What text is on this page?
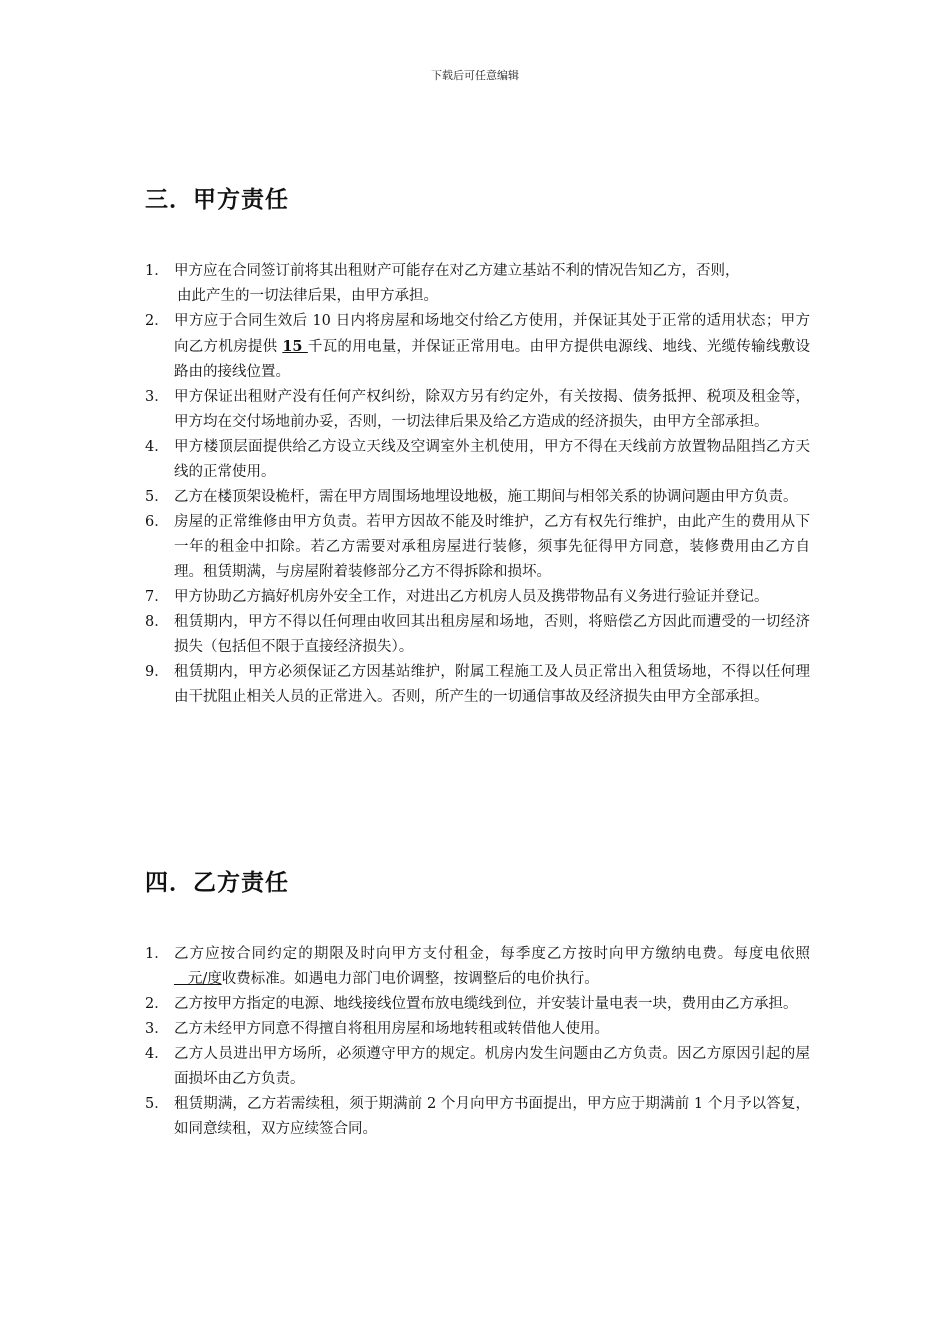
下载后可任意编辑
三．甲方责任
1． 甲方应在合同签订前将其出租财产可能存在对乙方建立基站不利的情况告知乙方，否则，
由此产生的一切法律后果，由甲方承担。
2． 甲方应于合同生效后 10 日内将房屋和场地交付给乙方使用，并保证其处于正常的适用状态；甲方向乙方机房提供 15 千瓦的用电量，并保证正常用电。由甲方提供电源线、地线、光缆传输线敷设路由的接线位置。
3． 甲方保证出租财产没有任何产权纠纷，除双方另有约定外，有关按揭、债务抵押、税项及租金等，甲方均在交付场地前办妥，否则，一切法律后果及给乙方造成的经济损失，由甲方全部承担。
4． 甲方楼顶层面提供给乙方设立天线及空调室外主机使用，甲方不得在天线前方放置物品阻挡乙方天线的正常使用。
5． 乙方在楼顶架设桅杆，需在甲方周围场地埋设地极，施工期间与相邻关系的协调问题由甲方负责。
6． 房屋的正常维修由甲方负责。若甲方因故不能及时维护，乙方有权先行维护，由此产生的费用从下一年的租金中扣除。若乙方需要对承租房屋进行装修，须事先征得甲方同意，装修费用由乙方自理。租赁期满，与房屋附着装修部分乙方不得拆除和损坏。
7． 甲方协助乙方搞好机房外安全工作，对进出乙方机房人员及携带物品有义务进行验证并登记。
8． 租赁期内，甲方不得以任何理由收回其出租房屋和场地，否则，将赔偿乙方因此而遭受的一切经济损失（包括但不限于直接经济损失）。
9． 租赁期内，甲方必须保证乙方因基站维护，附属工程施工及人员正常出入租赁场地，不得以任何理由干扰阻止相关人员的正常进入。否则，所产生的一切通信事故及经济损失由甲方全部承担。
四．乙方责任
1． 乙方应按合同约定的期限及时向甲方支付租金，每季度乙方按时向甲方缴纳电费。每度电依照    元/度收费标准。如遇电力部门电价调整，按调整后的电价执行。
2． 乙方按甲方指定的电源、地线接线位置布放电缆线到位，并安装计量电表一块，费用由乙方承担。
3． 乙方未经甲方同意不得擅自将租用房屋和场地转租或转借他人使用。
4． 乙方人员进出甲方场所，必须遵守甲方的规定。机房内发生问题由乙方负责。因乙方原因引起的屋面损坏由乙方负责。
5． 租赁期满，乙方若需续租，须于期满前 2 个月向甲方书面提出，甲方应于期满前 1 个月予以答复，如同意续租，双方应续签合同。
